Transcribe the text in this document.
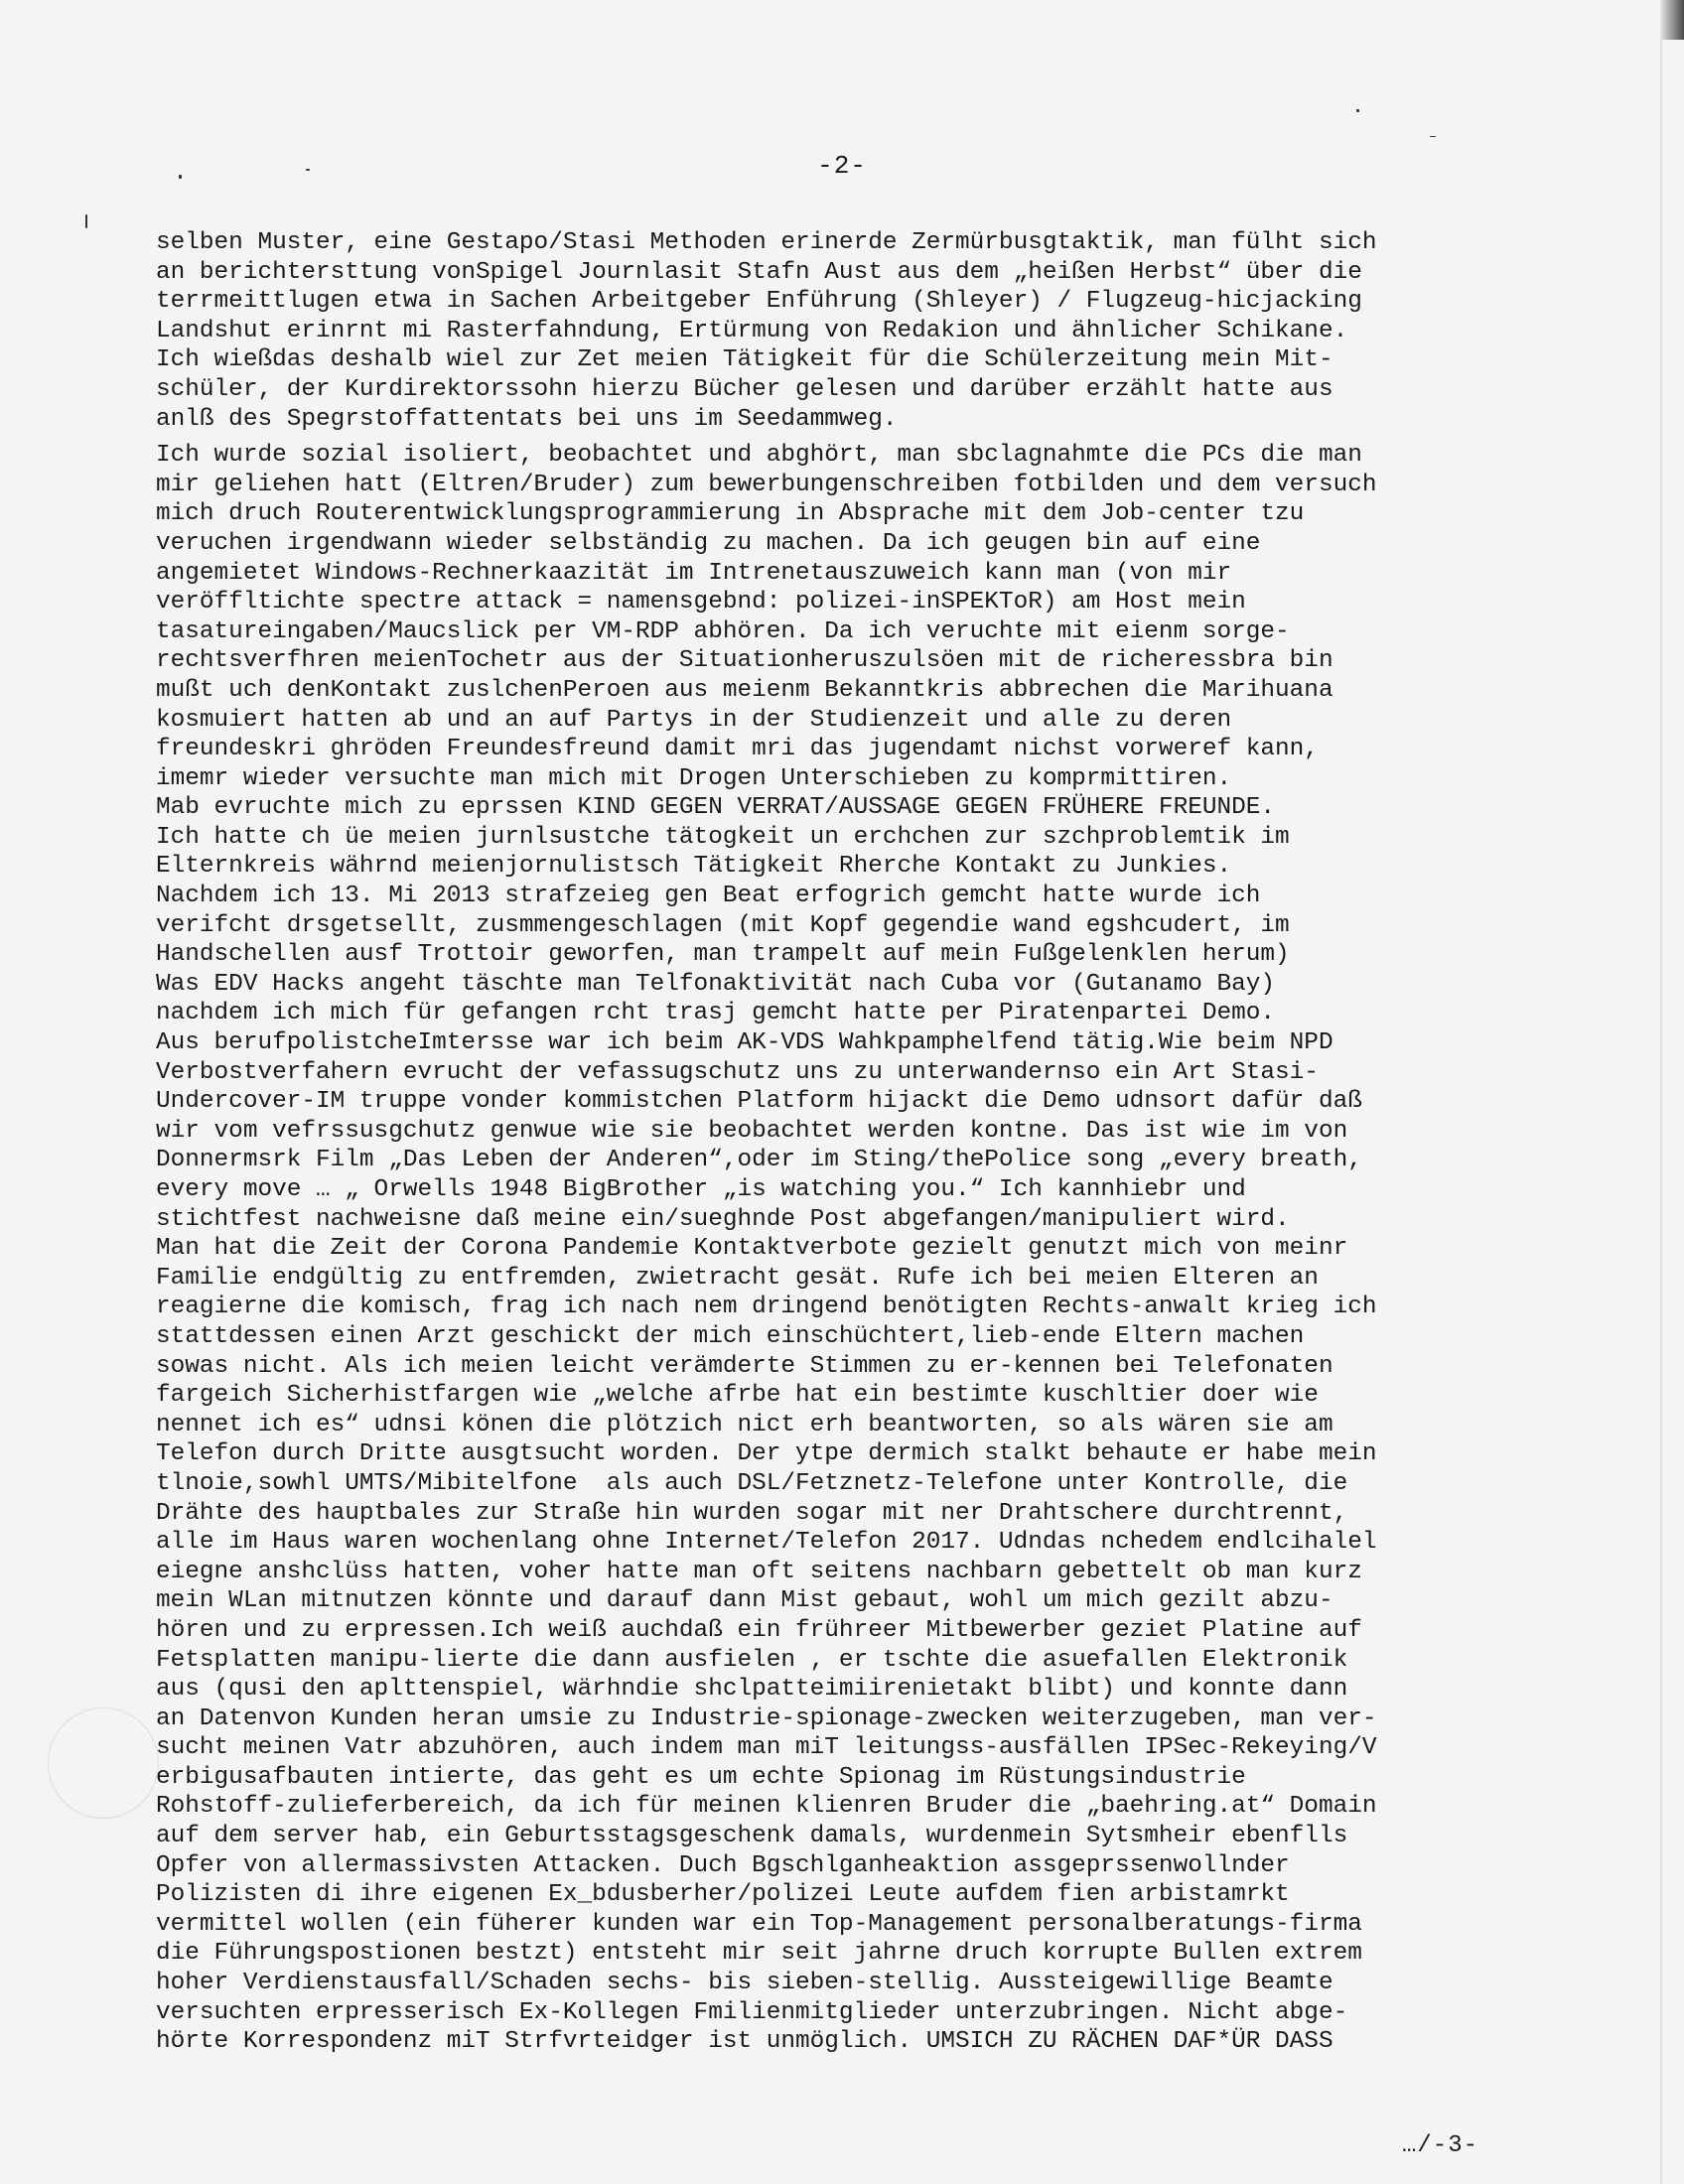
-2-
selben Muster, eine Gestapo/Stasi Methoden erinerde Zermürbusgtaktik, man fülht sich
an berichtersttung vonSpigel Journlasit Stafn Aust aus dem „heißen Herbst“ über die
terrmeittlugen etwa in Sachen Arbeitgeber Enführung (Shleyer) / Flugzeug-hicjacking
Landshut erinrnt mi Rasterfahndung, Ertürmung von Redakion und ähnlicher Schikane.
Ich wießdas deshalb wiel zur Zet meien Tätigkeit für die Schülerzeitung mein Mit-
schüler, der Kurdirektorssohn hierzu Bücher gelesen und darüber erzählt hatte aus
anlß des Spegrstoffattentats bei uns im Seedammweg.
Ich wurde sozial isoliert, beobachtet und abghört, man sbclagnahmte die PCs die man
mir geliehen hatt (Eltren/Bruder) zum bewerbungenschreiben fotbilden und dem versuch
mich druch Routerentwicklungsprogrammierung in Absprache mit dem Job-center tzu
veruchen irgendwann wieder selbständig zu machen. Da ich geugen bin auf eine
angemietet Windows-Rechnerkaazität im Intrenetauszuweich kann man (von mir
veröffltichte spectre attack = namensgebnd: polizei-inSPEKToR) am Host mein
tasatureingaben/Maucslick per VM-RDP abhören. Da ich veruchte mit eienm sorge-
rechtsverfhren meienTochetr aus der Situationheruszulsöen mit de richeressbra bin
mußt uch denKontakt zuslchenPeroen aus meienm Bekanntkris abbrechen die Marihuana
kosmuiert hatten ab und an auf Partys in der Studienzeit und alle zu deren
freundeskri ghröden Freundesfreund damit mri das jugendamt nichst vorweref kann,
imemr wieder versuchte man mich mit Drogen Unterschieben zu komprmittiren.
Mab evruchte mich zu eprssen KIND GEGEN VERRAT/AUSSAGE GEGEN FRÜHERE FREUNDE.
Ich hatte ch üe meien jurnlsustche tätogkeit un erchchen zur szchproblemtik im
Elternkreis währnd meienjornulistsch Tätigkeit Rherche Kontakt zu Junkies.
Nachdem ich 13. Mi 2013 strafzeieg gen Beat erfogrich gemcht hatte wurde ich
verifcht drsgetsellt, zusmmengeschlagen (mit Kopf gegendie wand egshcudert, im
Handschellen ausf Trottoir geworfen, man trampelt auf mein Fußgelenklen herum)
Was EDV Hacks angeht täschte man Telfonaktivität nach Cuba vor (Gutanamo Bay)
nachdem ich mich für gefangen rcht trasj gemcht hatte per Piratenpartei Demo.
Aus berufpolistcheImtersse war ich beim AK-VDS Wahkpamphelfend tätig.Wie beim NPD
Verbostverfahern evrucht der vefassugschutz uns zu unterwandernso ein Art Stasi-
Undercover-IM truppe vonder kommistchen Platform hijackt die Demo udnsort dafür daß
wir vom vefrssusgchutz genwue wie sie beobachtet werden kontne. Das ist wie im von
Donnermsrk Film „Das Leben der Anderen“,oder im Sting/thePolice song „every breath,
every move … „ Orwells 1948 BigBrother „is watching you.“ Ich kannhiebr und
stichtfest nachweisne daß meine ein/sueghnde Post abgefangen/manipuliert wird.
Man hat die Zeit der Corona Pandemie Kontaktverbote gezielt genutzt mich von meinr
Familie endgültig zu entfremden, zwietracht gesät. Rufe ich bei meien Elteren an
reagierne die komisch, frag ich nach nem dringend benötigten Rechts-anwalt krieg ich
stattdessen einen Arzt geschickt der mich einschüchtert,lieb-ende Eltern machen
sowas nicht. Als ich meien leicht verämderte Stimmen zu er-kennen bei Telefonaten
fargeich Sicherhistfargen wie „welche afrbe hat ein bestimte kuschltier doer wie
nennet ich es“ udnsi könen die plötzich nict erh beantworten, so als wären sie am
Telefon durch Dritte ausgtsucht worden. Der ytpe dermich stalkt behaute er habe mein
tlnoie,sowhl UMTS/Mibitelfone  als auch DSL/Fetznetz-Telefone unter Kontrolle, die
Drähte des hauptbales zur Straße hin wurden sogar mit ner Drahtschere durchtrennt,
alle im Haus waren wochenlang ohne Internet/Telefon 2017. Udndas nchedem endlcihalel
eiegne anshclüss hatten, voher hatte man oft seitens nachbarn gebettelt ob man kurz
mein WLan mitnutzen könnte und darauf dann Mist gebaut, wohl um mich gezilt abzu-
hören und zu erpressen.Ich weiß auchdaß ein frühreer Mitbewerber geziet Platine auf
Fetsplatten manipu-lierte die dann ausfielen , er tschte die asuefallen Elektronik
aus (qusi den aplttenspiel, wärhndie shclpatteimiirenietakt blibt) und konnte dann
an Datenvon Kunden heran umsie zu Industrie-spionage-zwecken weiterzugeben, man ver-
sucht meinen Vatr abzuhören, auch indem man miT leitungss-ausfällen IPSec-Rekeying/V
erbigusafbauten intierte, das geht es um echte Spionag im Rüstungsindustrie
Rohstoff-zulieferbereich, da ich für meinen klienren Bruder die „baehring.at“ Domain
auf dem server hab, ein Geburtsstagsgeschenk damals, wurdenmein Sytsmheir ebenflls
Opfer von allermassivsten Attacken. Duch Bgschlganheaktion assgeprssenwollnder
Polizisten di ihre eigenen Ex_bdusberher/polizei Leute aufdem fien arbistamrkt
vermittel wollen (ein füherer kunden war ein Top-Management personalberatungs-firma
die Führungspostionen bestzt) entsteht mir seit jahrne druch korrupte Bullen extrem
hoher Verdienstausfall/Schaden sechs- bis sieben-stellig. Aussteigewillige Beamte
versuchten erpresserisch Ex-Kollegen Fmilienmitglieder unterzubringen. Nicht abge-
hörte Korrespondenz miT Strfvrteidger ist unmöglich. UMSICH ZU RÄCHEN DAF*ÜR DASS
…/-3-
